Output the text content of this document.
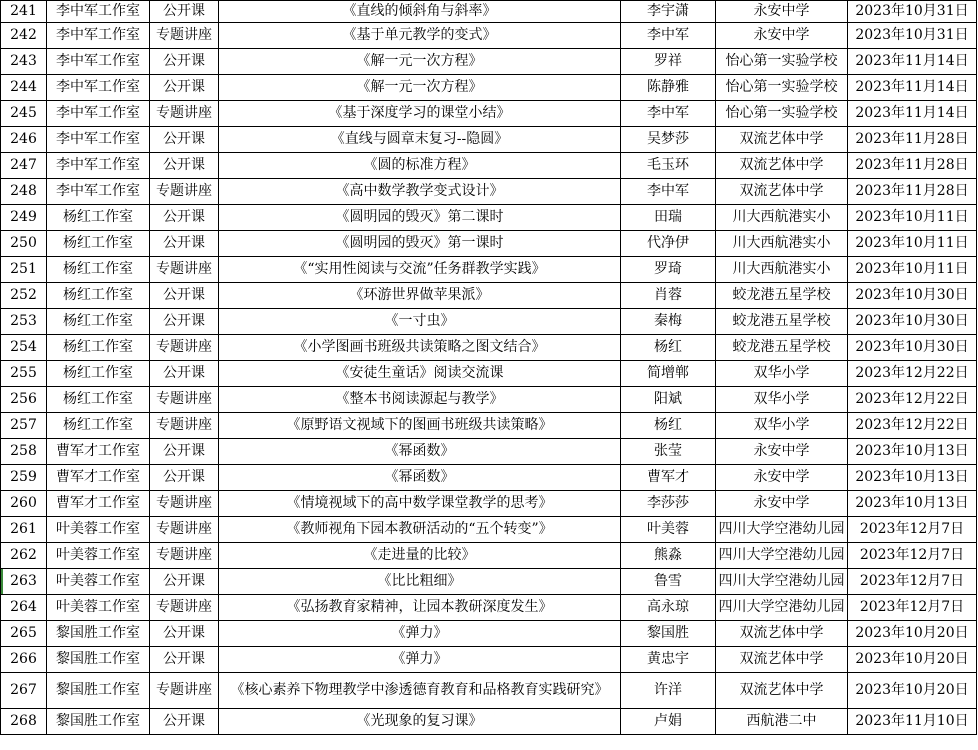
241	李中军工作室	公开课	《直线的倾斜角与斜率》	李宇潇	永安中学	2023年10月31日
242	李中军工作室	专题讲座	《基于单元教学的变式》	李中军	永安中学	2023年10月31日
243	李中军工作室	公开课	《解一元一次方程》	罗祥	怡心第一实验学校	2023年11月14日
244	李中军工作室	公开课	《解一元一次方程》	陈静雅	怡心第一实验学校	2023年11月14日
245	李中军工作室	专题讲座	《基于深度学习的课堂小结》	李中军	怡心第一实验学校	2023年11月14日
246	李中军工作室	公开课	《直线与圆章末复习--隐圆》	吴梦莎	双流艺体中学	2023年11月28日
247	李中军工作室	公开课	《圆的标准方程》	毛玉环	双流艺体中学	2023年11月28日
248	李中军工作室	专题讲座	《高中数学教学变式设计》	李中军	双流艺体中学	2023年11月28日
249	杨红工作室	公开课	《圆明园的毁灭》第二课时	田瑞	川大西航港实小	2023年10月11日
250	杨红工作室	公开课	《圆明园的毁灭》第一课时	代净伊	川大西航港实小	2023年10月11日
251	杨红工作室	专题讲座	《“实用性阅读与交流”任务群教学实践》	罗琦	川大西航港实小	2023年10月11日
252	杨红工作室	公开课	《环游世界做苹果派》	肖蓉	蛟龙港五星学校	2023年10月30日
253	杨红工作室	公开课	《一寸虫》	秦梅	蛟龙港五星学校	2023年10月30日
254	杨红工作室	专题讲座	《小学图画书班级共读策略之图文结合》	杨红	蛟龙港五星学校	2023年10月30日
255	杨红工作室	公开课	《安徒生童话》阅读交流课	简增郸	双华小学	2023年12月22日
256	杨红工作室	专题讲座	《整本书阅读源起与教学》	阳斌	双华小学	2023年12月22日
257	杨红工作室	专题讲座	《原野语文视域下的图画书班级共读策略》	杨红	双华小学	2023年12月22日
258	曹军才工作室	公开课	《幂函数》	张莹	永安中学	2023年10月13日
259	曹军才工作室	公开课	《幂函数》	曹军才	永安中学	2023年10月13日
260	曹军才工作室	专题讲座	《情境视域下的高中数学课堂教学的思考》	李莎莎	永安中学	2023年10月13日
261	叶美蓉工作室	专题讲座	《教师视角下园本教研活动的“五个转变”》	叶美蓉	四川大学空港幼儿园	2023年12月7日
262	叶美蓉工作室	专题讲座	《走进量的比较》	熊淼	四川大学空港幼儿园	2023年12月7日
263	叶美蓉工作室	公开课	《比比粗细》	鲁雪	四川大学空港幼儿园	2023年12月7日
264	叶美蓉工作室	专题讲座	《弘扬教育家精神，让园本教研深度发生》	高永琼	四川大学空港幼儿园	2023年12月7日
265	黎国胜工作室	公开课	《弹力》	黎国胜	双流艺体中学	2023年10月20日
266	黎国胜工作室	公开课	《弹力》	黄忠宇	双流艺体中学	2023年10月20日
267	黎国胜工作室	专题讲座	《核心素养下物理教学中渗透德育教育和品格教育实践研究》	许洋	双流艺体中学	2023年10月20日
268	黎国胜工作室	公开课	《光现象的复习课》	卢娟	西航港二中	2023年11月10日
